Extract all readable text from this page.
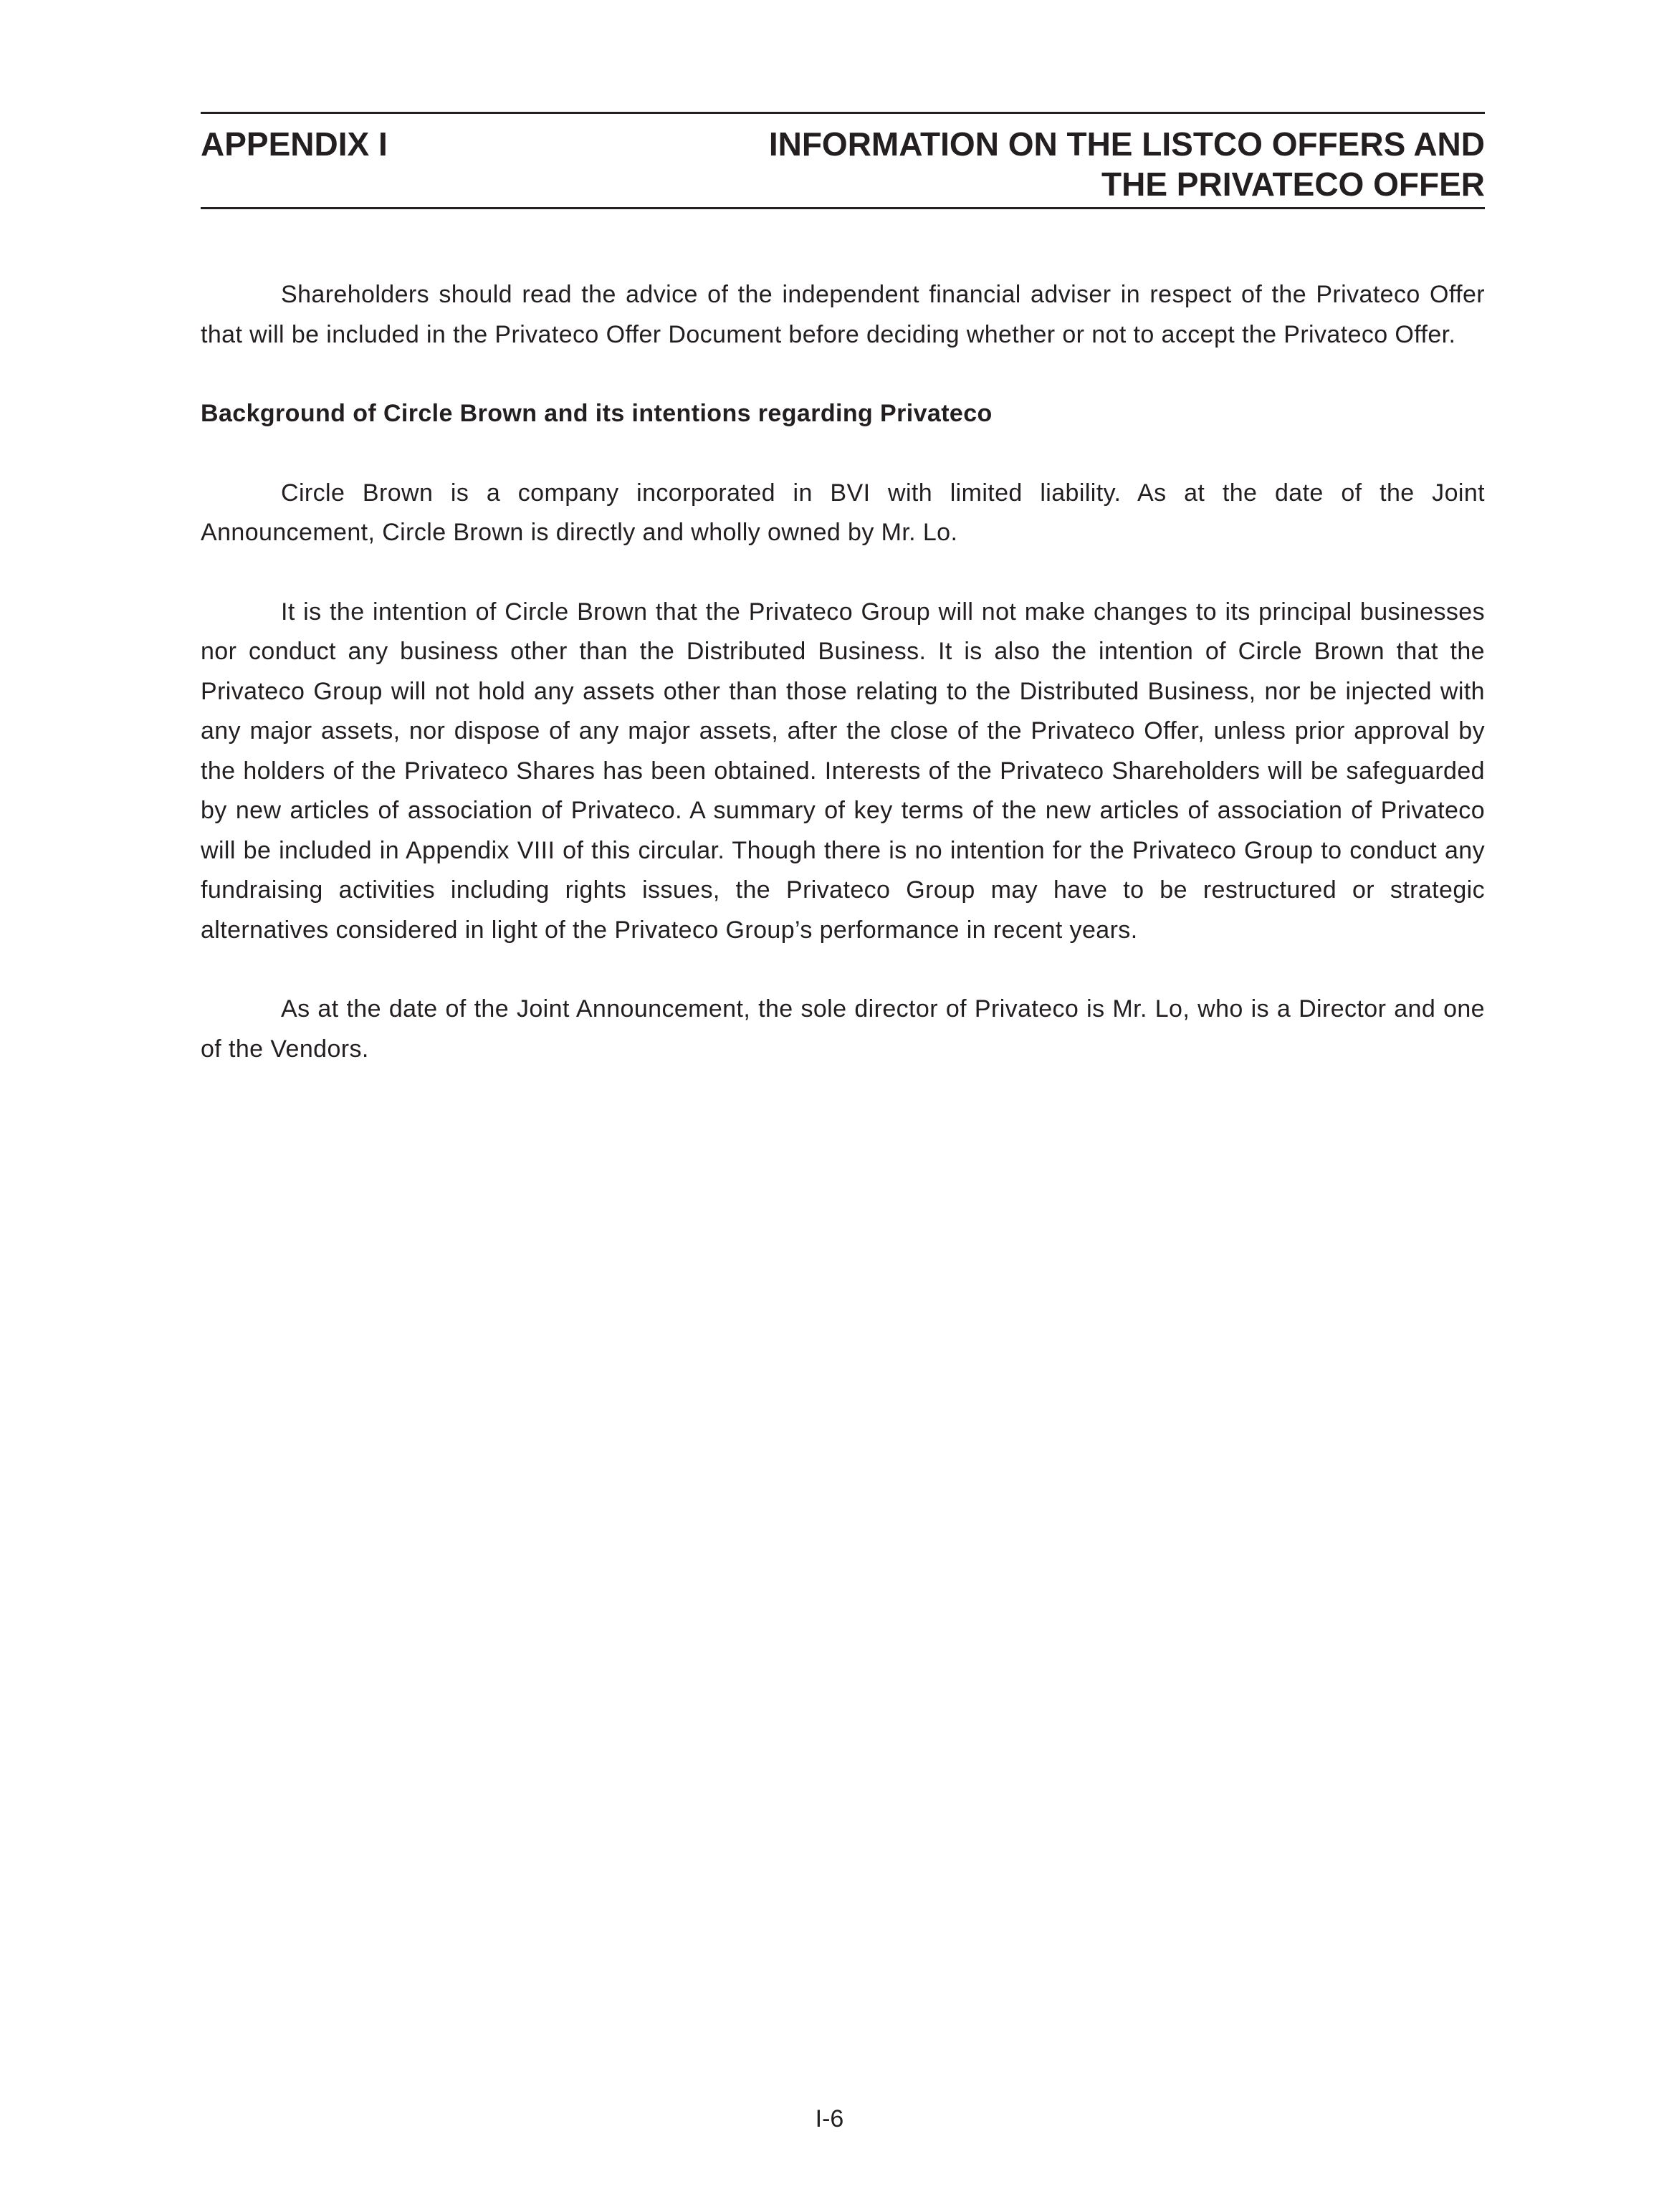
APPENDIX I	INFORMATION ON THE LISTCO OFFERS AND
THE PRIVATECO OFFER

Shareholders should read the advice of the independent financial adviser in respect of the Privateco Offer that will be included in the Privateco Offer Document before deciding whether or not to accept the Privateco Offer.

Background of Circle Brown and its intentions regarding Privateco

Circle Brown is a company incorporated in BVI with limited liability. As at the date of the Joint Announcement, Circle Brown is directly and wholly owned by Mr. Lo.

It is the intention of Circle Brown that the Privateco Group will not make changes to its principal businesses nor conduct any business other than the Distributed Business. It is also the intention of Circle Brown that the Privateco Group will not hold any assets other than those relating to the Distributed Business, nor be injected with any major assets, nor dispose of any major assets, after the close of the Privateco Offer, unless prior approval by the holders of the Privateco Shares has been obtained. Interests of the Privateco Shareholders will be safeguarded by new articles of association of Privateco. A summary of key terms of the new articles of association of Privateco will be included in Appendix VIII of this circular. Though there is no intention for the Privateco Group to conduct any fundraising activities including rights issues, the Privateco Group may have to be restructured or strategic alternatives considered in light of the Privateco Group’s performance in recent years.

As at the date of the Joint Announcement, the sole director of Privateco is Mr. Lo, who is a Director and one of the Vendors.

I-6
